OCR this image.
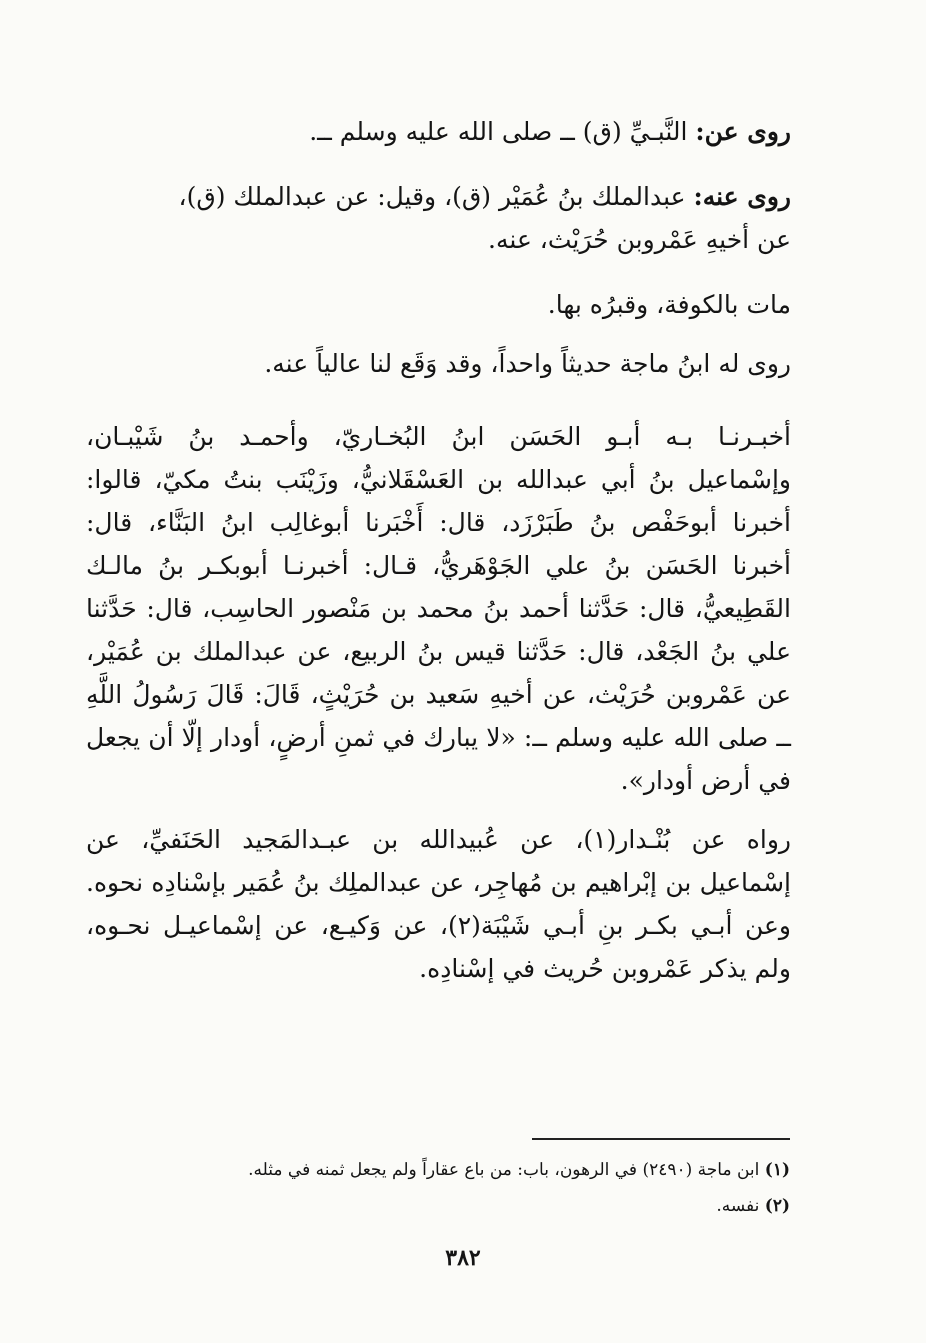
روى عن: النَّبـيِّ (ق) ــ صلى الله عليه وسلم ــ.
روى عنه: عبدالملك بنُ عُمَيْر (ق)، وقيل: عن عبدالملك (ق)،
عن أخيهِ عَمْروبن حُرَيْث، عنه.
مات بالكوفة، وقبرُه بها.
روى له ابنُ ماجة حديثاً واحداً، وقد وَقَع لنا عالياً عنه.
أخبـرنـا بـه أبـو الحَسَن ابنُ البُخـاريّ، وأحمـد بنُ شَيْبـان،
وإسْماعيل بنُ أبي عبدالله بن العَسْقَلانيُّ، وزَيْنَب بنتُ مكيّ، قالوا:
أخبرنا أبوحَفْص بنُ طَبَرْزَد، قال: أَخْبَرنا أبوغالِب ابنُ البَنَّاء، قال:
أخبرنا الحَسَن بنُ علي الجَوْهَريُّ، قـال: أخبرنـا أبوبكـر بنُ مالـك
القَطِيعيُّ، قال: حَدَّثنا أحمد بنُ محمد بن مَنْصور الحاسِب، قال: حَدَّثنا
علي بنُ الجَعْد، قال: حَدَّثنا قيس بنُ الربيع، عن عبدالملك بن عُمَيْر،
عن عَمْروبن حُرَيْث، عن أخيهِ سَعيد بن حُرَيْثٍ، قَالَ: قَالَ رَسُولُ اللَّهِ
ــ صلى الله عليه وسلم ــ: «لا يبارك في ثمنِ أرضٍ، أودار إلّا أن يجعل
في أرض أودار».
رواه عن بُنْـدار(١)، عن عُبيدالله بن عبـدالمَجيد الحَنَفيِّ، عن
إسْماعيل بن إبْراهيم بن مُهاجِر، عن عبدالملِك بنُ عُمَير بإسْنادِه نحوه.
وعن أبـي بكـر بنِ أبـي شَيْبَة(٢)، عن وَكيـع، عن إسْماعيـل نحـوه،
ولم يذكر عَمْروبن حُريث في إسْنادِه.
(١) ابن ماجة (٢٤٩٠) في الرهون، باب: من باع عقاراً ولم يجعل ثمنه في مثله.
(٢) نفسه.
٣٨٢
